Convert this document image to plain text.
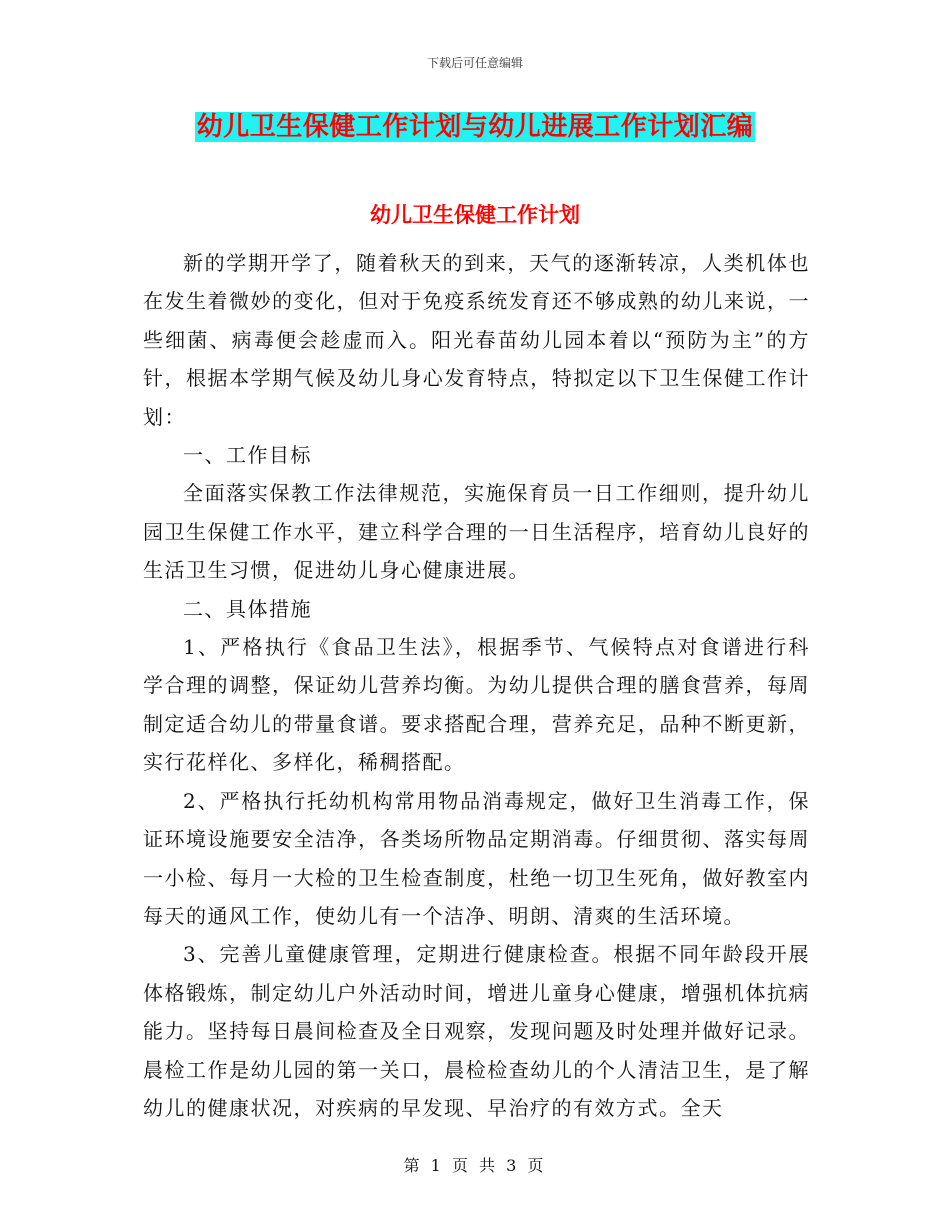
下载后可任意编辑
幼儿卫生保健工作计划与幼儿进展工作计划汇编
幼儿卫生保健工作计划

新的学期开学了，随着秋天的到来，天气的逐渐转凉，人类机体也在发生着微妙的变化，但对于免疫系统发育还不够成熟的幼儿来说，一些细菌、病毒便会趁虚而入。阳光春苗幼儿园本着以“预防为主”的方针，根据本学期气候及幼儿身心发育特点，特拟定以下卫生保健工作计划：

一、工作目标

全面落实保教工作法律规范，实施保育员一日工作细则，提升幼儿园卫生保健工作水平，建立科学合理的一日生活程序，培育幼儿良好的生活卫生习惯，促进幼儿身心健康进展。

二、具体措施

1、严格执行《食品卫生法》，根据季节、气候特点对食谱进行科学合理的调整，保证幼儿营养均衡。为幼儿提供合理的膳食营养，每周制定适合幼儿的带量食谱。要求搭配合理，营养充足，品种不断更新，实行花样化、多样化，稀稠搭配。

2、严格执行托幼机构常用物品消毒规定，做好卫生消毒工作，保证环境设施要安全洁净，各类场所物品定期消毒。仔细贯彻、落实每周一小检、每月一大检的卫生检查制度，杜绝一切卫生死角，做好教室内每天的通风工作，使幼儿有一个洁净、明朗、清爽的生活环境。

3、完善儿童健康管理，定期进行健康检查。根据不同年龄段开展体格锻炼，制定幼儿户外活动时间，增进儿童身心健康，增强机体抗病能力。坚持每日晨间检查及全日观察，发现问题及时处理并做好记录。晨检工作是幼儿园的第一关口，晨检检查幼儿的个人清洁卫生，是了解幼儿的健康状况，对疾病的早发现、早治疗的有效方式。全天

第 1 页 共 3 页
